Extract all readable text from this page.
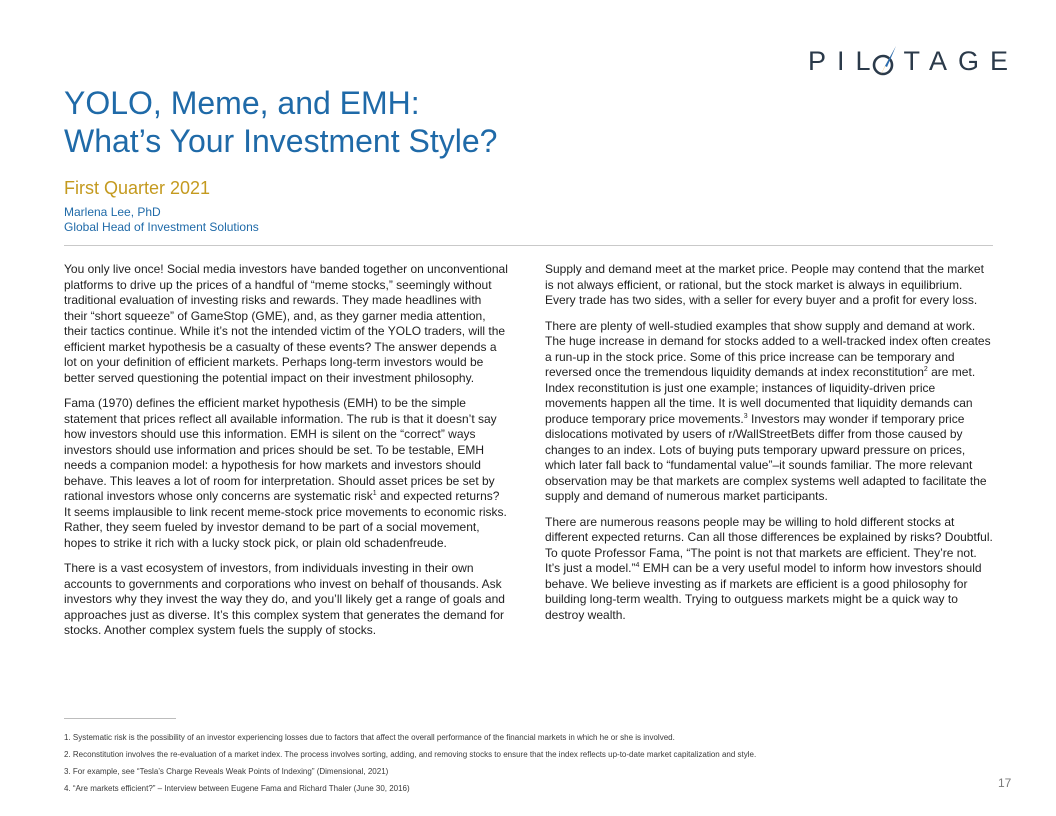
PIL TAGE
YOLO, Meme, and EMH:
What’s Your Investment Style?
First Quarter 2021
Marlena Lee, PhD
Global Head of Investment Solutions

You only live once! Social media investors have banded together on unconventional platforms to drive up the prices of a handful of “meme stocks,” seemingly without traditional evaluation of investing risks and rewards. They made headlines with their “short squeeze” of GameStop (GME), and, as they garner media attention, their tactics continue. While it’s not the intended victim of the YOLO traders, will the efficient market hypothesis be a casualty of these events? The answer depends a lot on your definition of efficient markets. Perhaps long-term investors would be better served questioning the potential impact on their investment philosophy.

Fama (1970) defines the efficient market hypothesis (EMH) to be the simple statement that prices reflect all available information. The rub is that it doesn’t say how investors should use this information. EMH is silent on the “correct” ways investors should use information and prices should be set. To be testable, EMH needs a companion model: a hypothesis for how markets and investors should behave. This leaves a lot of room for interpretation. Should asset prices be set by rational investors whose only concerns are systematic risk$^1$ and expected returns? It seems implausible to link recent meme-stock price movements to economic risks. Rather, they seem fueled by investor demand to be part of a social movement, hopes to strike it rich with a lucky stock pick, or plain old schadenfreude.

There is a vast ecosystem of investors, from individuals investing in their own accounts to governments and corporations who invest on behalf of thousands. Ask investors why they invest the way they do, and you’ll likely get a range of goals and approaches just as diverse. It’s this complex system that generates the demand for stocks. Another complex system fuels the supply of stocks.

Supply and demand meet at the market price. People may contend that the market is not always efficient, or rational, but the stock market is always in equilibrium. Every trade has two sides, with a seller for every buyer and a profit for every loss.

There are plenty of well-studied examples that show supply and demand at work. The huge increase in demand for stocks added to a well-tracked index often creates a run-up in the stock price. Some of this price increase can be temporary and reversed once the tremendous liquidity demands at index reconstitution$^2$ are met. Index reconstitution is just one example; instances of liquidity-driven price movements happen all the time. It is well documented that liquidity demands can produce temporary price movements.$^3$ Investors may wonder if temporary price dislocations motivated by users of r/WallStreetBets differ from those caused by changes to an index. Lots of buying puts temporary upward pressure on prices, which later fall back to “fundamental value”–it sounds familiar. The more relevant observation may be that markets are complex systems well adapted to facilitate the supply and demand of numerous market participants.

There are numerous reasons people may be willing to hold different stocks at different expected returns. Can all those differences be explained by risks? Doubtful. To quote Professor Fama, “The point is not that markets are efficient. They’re not. It’s just a model.”$^4$ EMH can be a very useful model to inform how investors should behave. We believe investing as if markets are efficient is a good philosophy for building long-term wealth. Trying to outguess markets might be a quick way to destroy wealth.

1. Systematic risk is the possibility of an investor experiencing losses due to factors that affect the overall performance of the financial markets in which he or she is involved.
2. Reconstitution involves the re-evaluation of a market index. The process involves sorting, adding, and removing stocks to ensure that the index reflects up-to-date market capitalization and style.
3. For example, see “Tesla’s Charge Reveals Weak Points of Indexing” (Dimensional, 2021)
4. “Are markets efficient?” – Interview between Eugene Fama and Richard Thaler (June 30, 2016)	17
